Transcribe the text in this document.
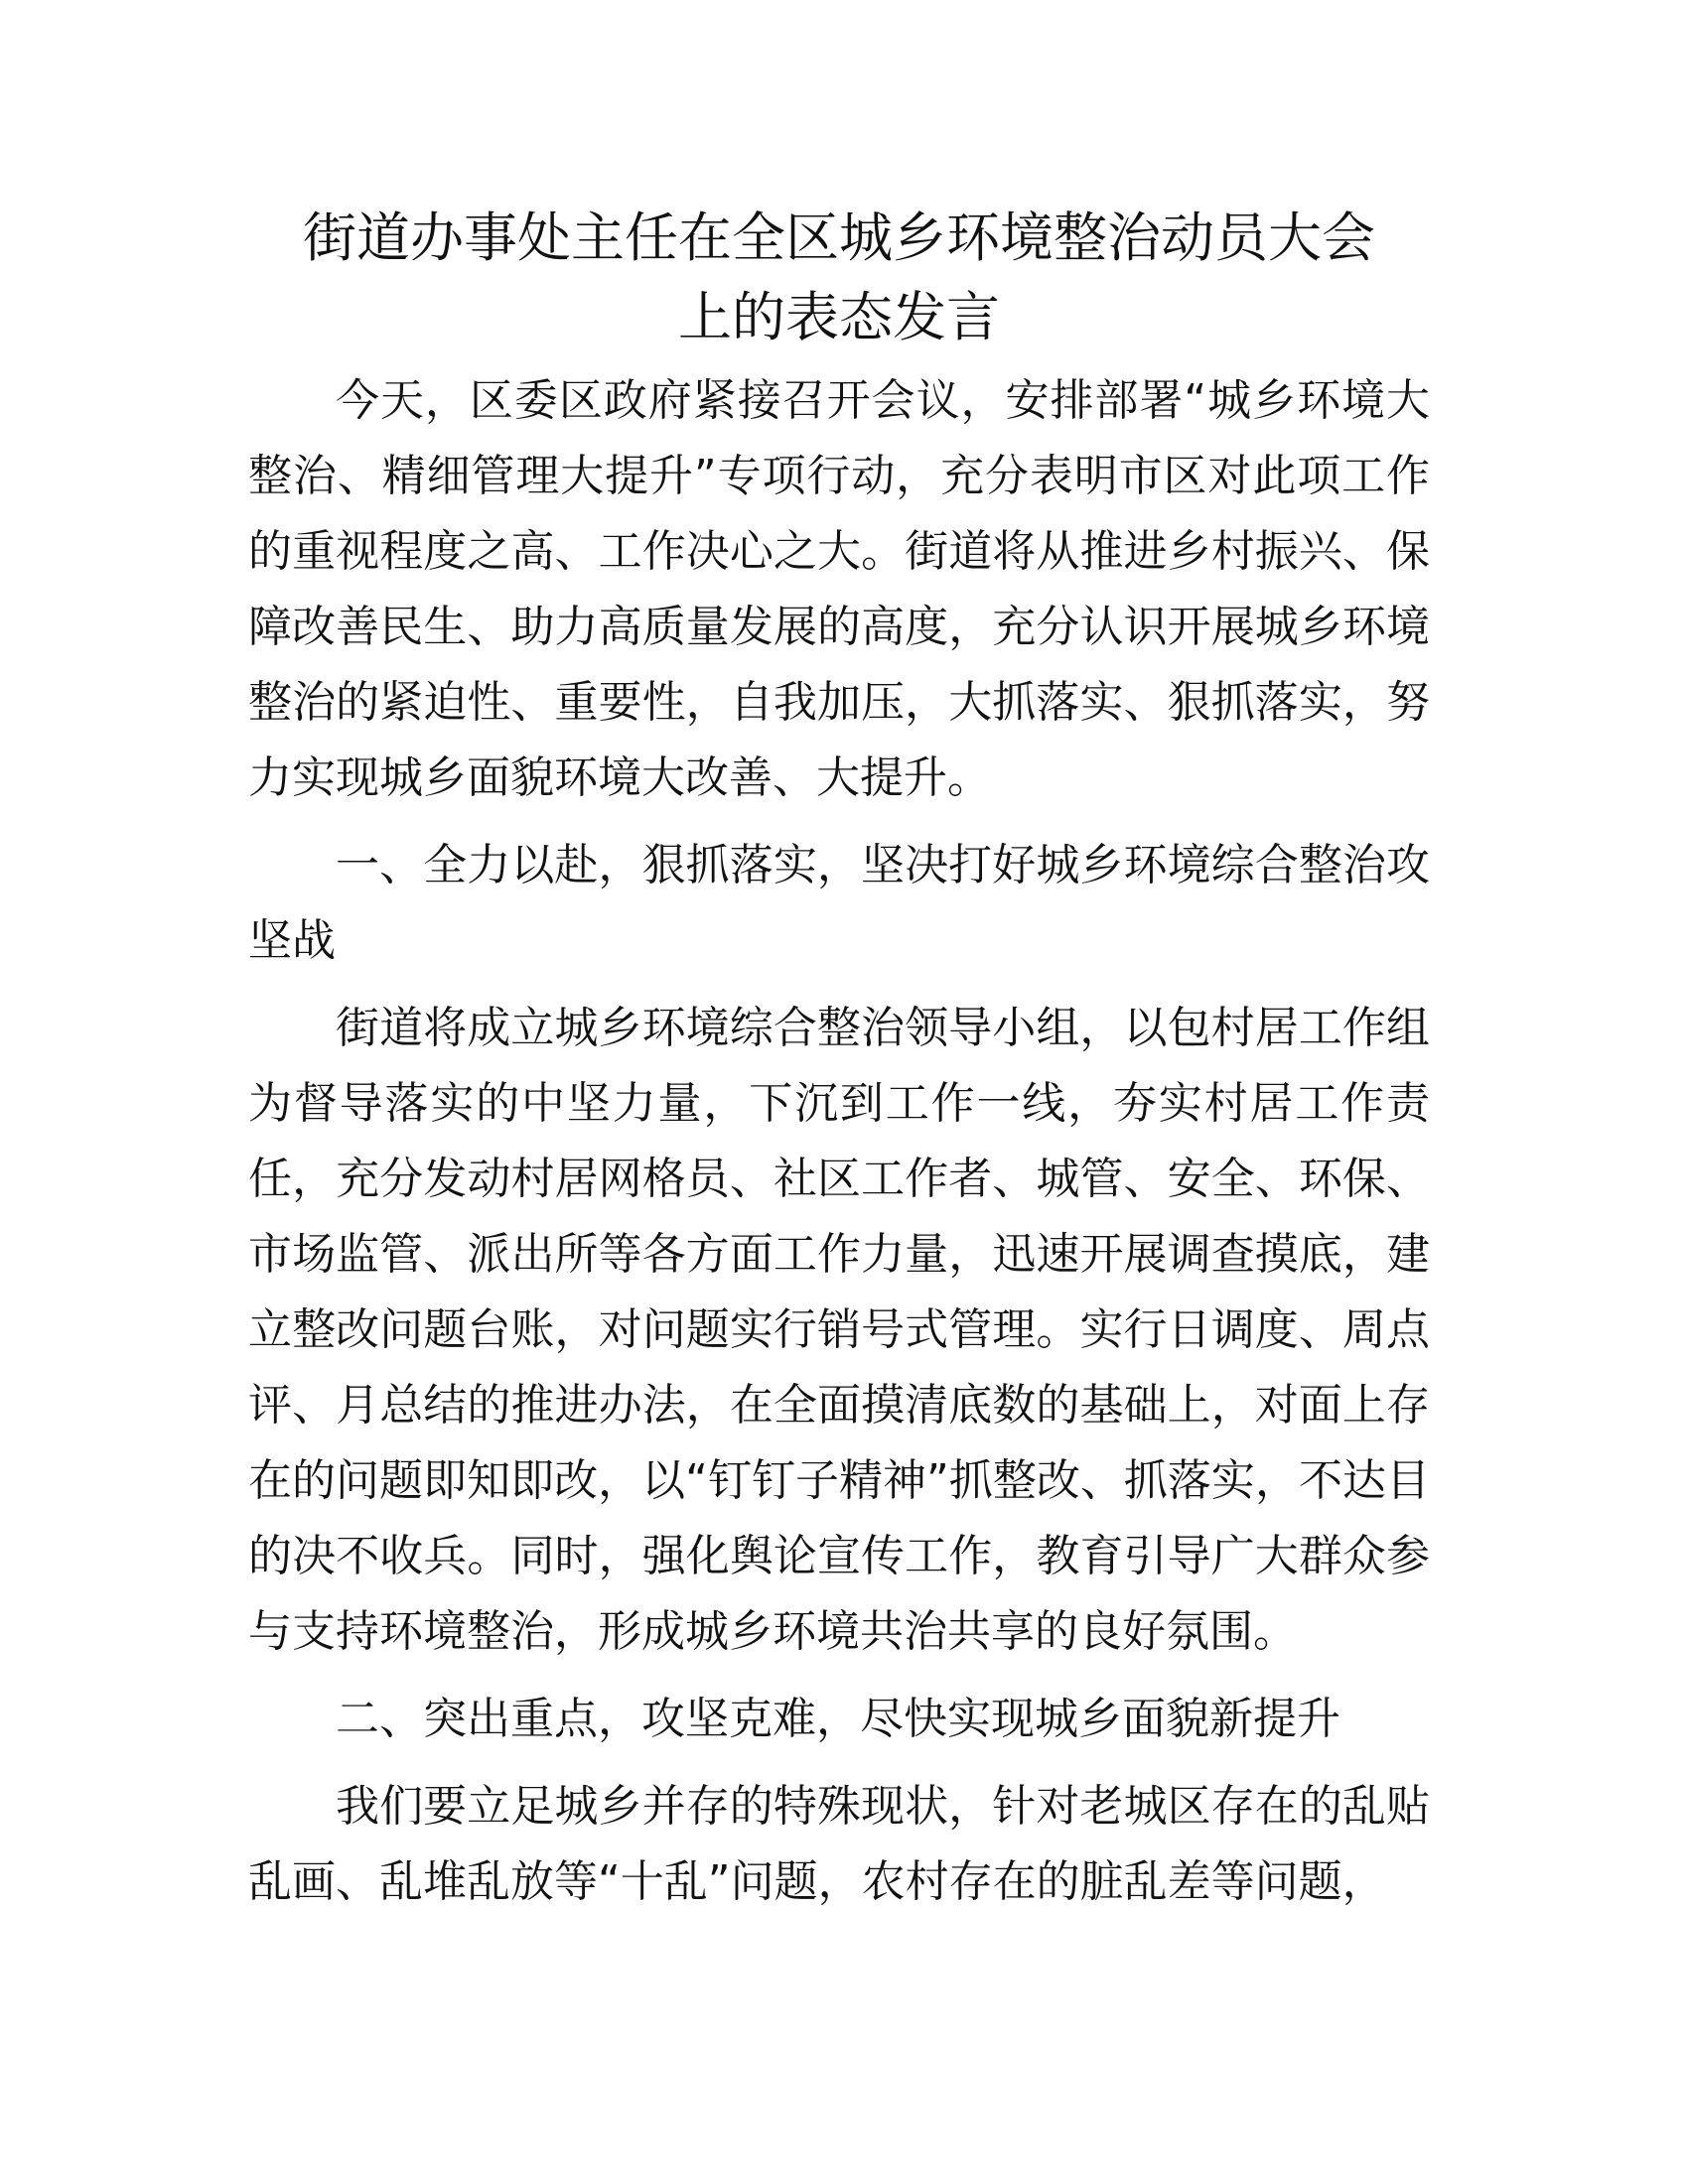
街道办事处主任在全区城乡环境整治动员大会
上的表态发言

今天，区委区政府紧接召开会议，安排部署“城乡环境大整治、精细管理大提升”专项行动，充分表明市区对此项工作的重视程度之高、工作决心之大。街道将从推进乡村振兴、保障改善民生、助力高质量发展的高度，充分认识开展城乡环境整治的紧迫性、重要性，自我加压，大抓落实、狠抓落实，努力实现城乡面貌环境大改善、大提升。

一、全力以赴，狠抓落实，坚决打好城乡环境综合整治攻坚战

街道将成立城乡环境综合整治领导小组，以包村居工作组为督导落实的中坚力量，下沉到工作一线，夯实村居工作责任，充分发动村居网格员、社区工作者、城管、安全、环保、市场监管、派出所等各方面工作力量，迅速开展调查摸底，建立整改问题台账，对问题实行销号式管理。实行日调度、周点评、月总结的推进办法，在全面摸清底数的基础上，对面上存在的问题即知即改，以“钉钉子精神”抓整改、抓落实，不达目的决不收兵。同时，强化舆论宣传工作，教育引导广大群众参与支持环境整治，形成城乡环境共治共享的良好氛围。

二、突出重点，攻坚克难，尽快实现城乡面貌新提升

我们要立足城乡并存的特殊现状，针对老城区存在的乱贴乱画、乱堆乱放等“十乱”问题，农村存在的脏乱差等问题，
